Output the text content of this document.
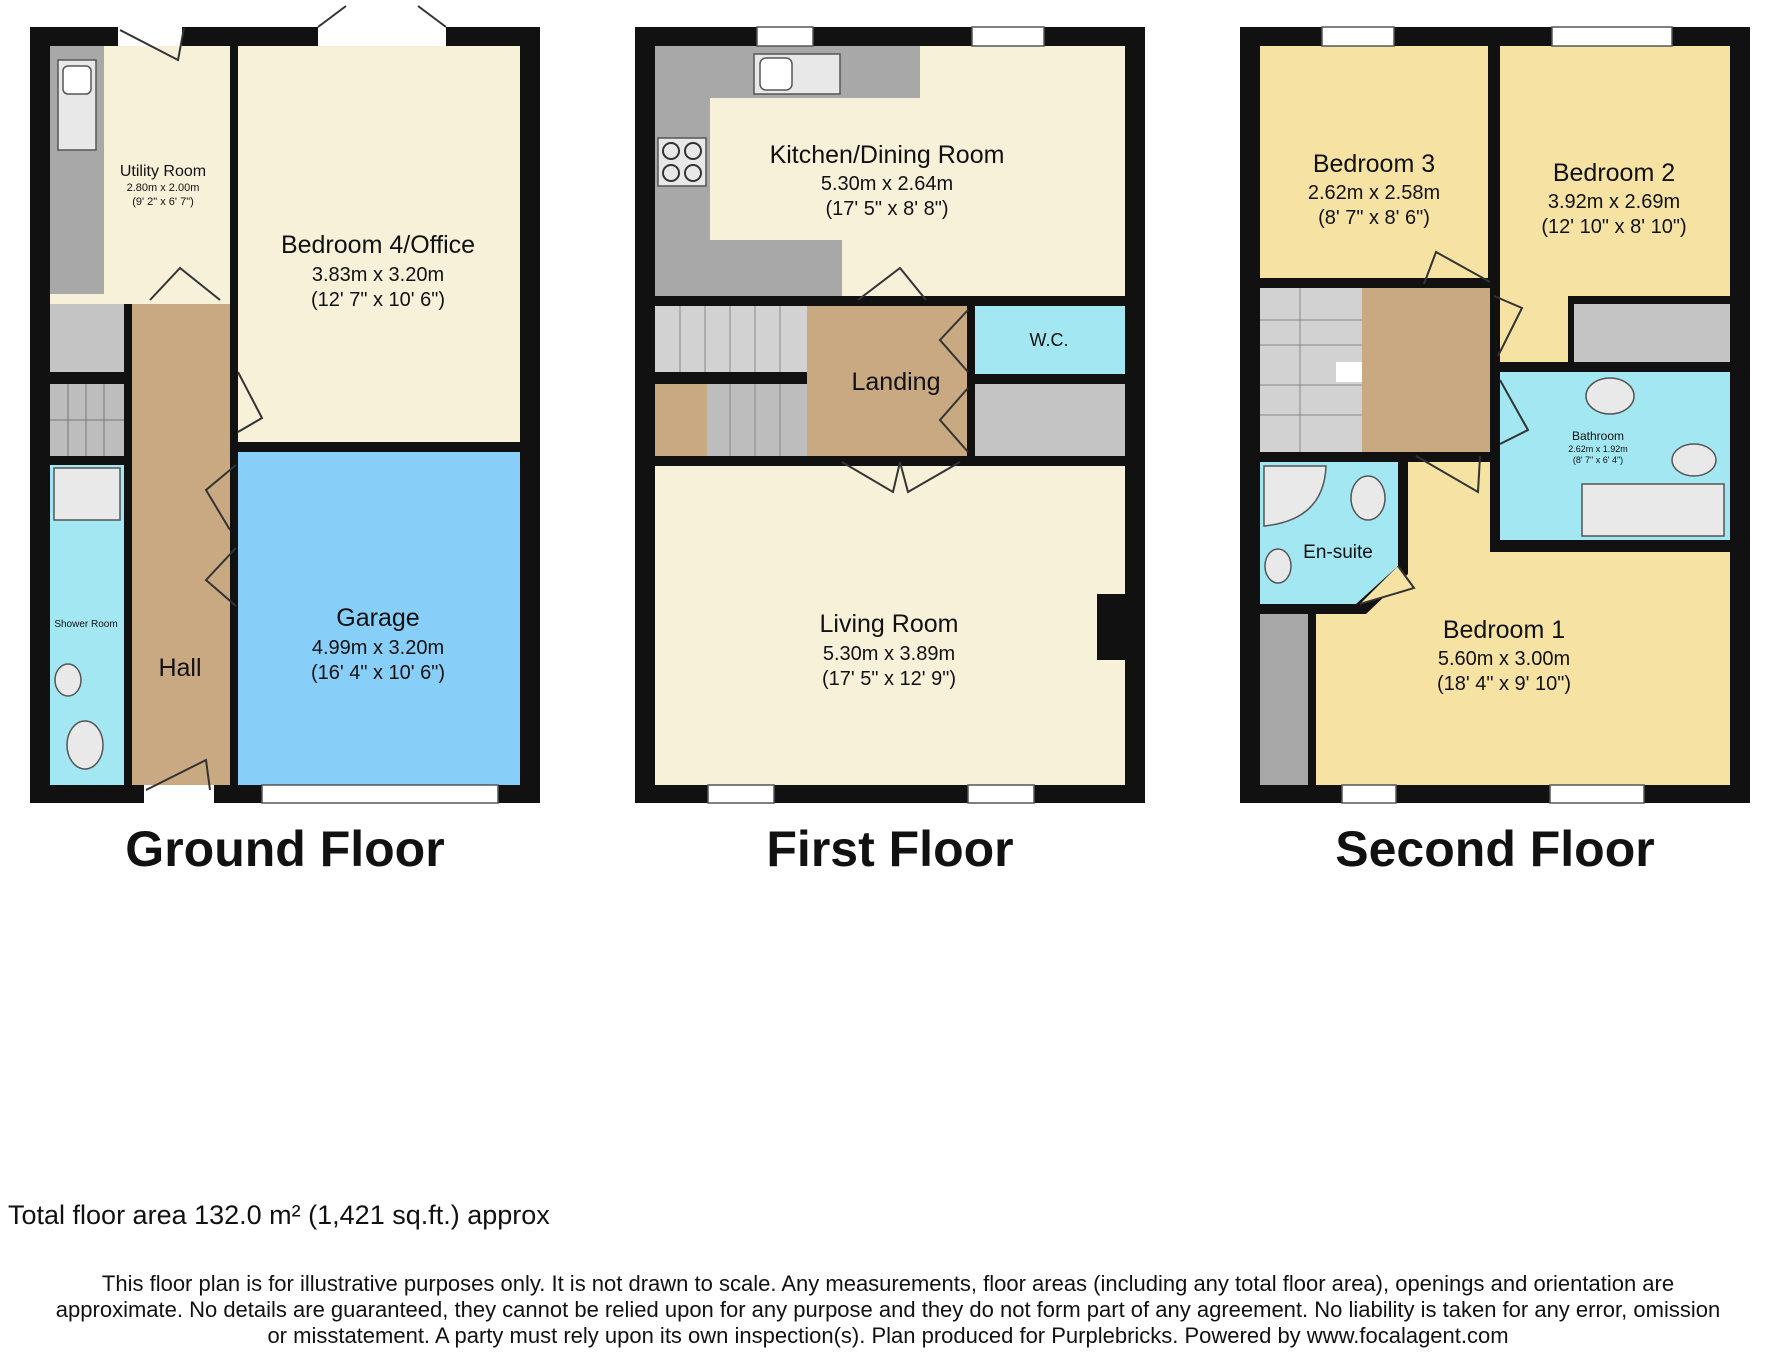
Utility Room
2.80m x 2.00m
(9' 2" x 6' 7")
Bedroom 4/Office
3.83m x 3.20m
(12' 7" x 10' 6")
Garage
4.99m x 3.20m
(16' 4" x 10' 6")
Shower Room
Hall
Kitchen/Dining Room
5.30m x 2.64m
(17' 5" x 8' 8")
W.C.
Landing
Living Room
5.30m x 3.89m
(17' 5" x 12' 9")
Bedroom 3
2.62m x 2.58m
(8' 7" x 8' 6")
Bedroom 2
3.92m x 2.69m
(12' 10" x 8' 10")
Bathroom
2.62m x 1.92m
(8' 7" x 6' 4")
En-suite
Bedroom 1
5.60m x 3.00m
(18' 4" x 9' 10")
Ground Floor	First Floor	Second Floor
Total floor area 132.0 m² (1,421 sq.ft.) approx
This floor plan is for illustrative purposes only. It is not drawn to scale. Any measurements, floor areas (including any total floor area), openings and orientation are
approximate. No details are guaranteed, they cannot be relied upon for any purpose and they do not form part of any agreement. No liability is taken for any error, omission
or misstatement. A party must rely upon its own inspection(s). Plan produced for Purplebricks. Powered by www.focalagent.com
